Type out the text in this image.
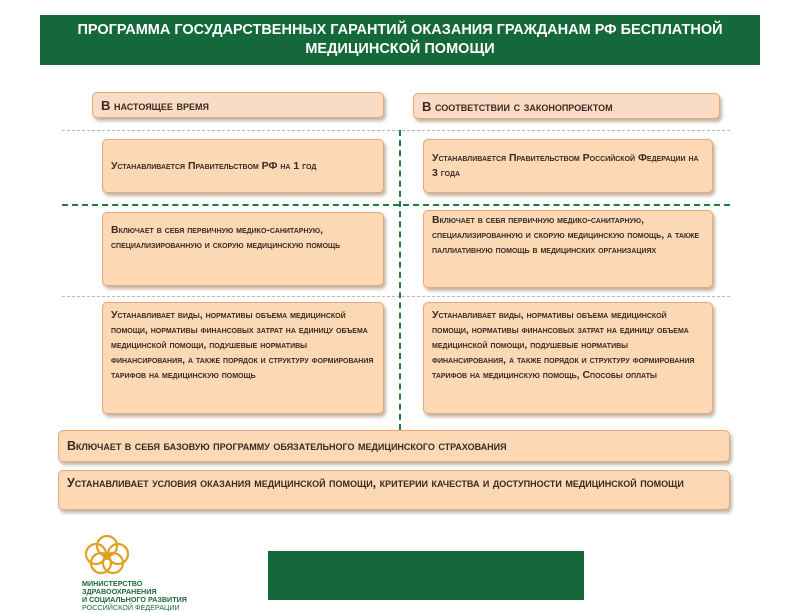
ПРОГРАММА ГОСУДАРСТВЕННЫХ ГАРАНТИЙ ОКАЗАНИЯ ГРАЖДАНАМ РФ БЕСПЛАТНОЙ МЕДИЦИНСКОЙ ПОМОЩИ
В настоящее время	В соответствии с законопроектом
Устанавливается Правительством РФ на 1 год
Устанавливается Правительством Российской Федерации на 3 года
Включает в себя первичную медико-санитарную, специализированную и скорую медицинскую помощь
Включает в себя первичную медико-санитарную, специализированную и скорую медицинскую помощь, а также паллиативную помощь в медицинских организациях
Устанавливает виды, нормативы объема медицинской помощи, нормативы финансовых затрат на единицу объема медицинской помощи, подушевые нормативы финансирования, а также порядок и структуру формирования тарифов на медицинскую помощь
Устанавливает виды, нормативы объема медицинской помощи, нормативы финансовых затрат на единицу объема медицинской помощи, подушевые нормативы финансирования, а также порядок и структуру формирования тарифов на медицинскую помощь, Способы оплаты
Включает в себя базовую программу обязательного медицинского страхования
Устанавливает условия оказания медицинской помощи, критерии качества и доступности медицинской помощи
МИНИСТЕРСТВО
ЗДРАВООХРАНЕНИЯ
И СОЦИАЛЬНОГО РАЗВИТИЯ
РОССИЙСКОЙ ФЕДЕРАЦИИ
